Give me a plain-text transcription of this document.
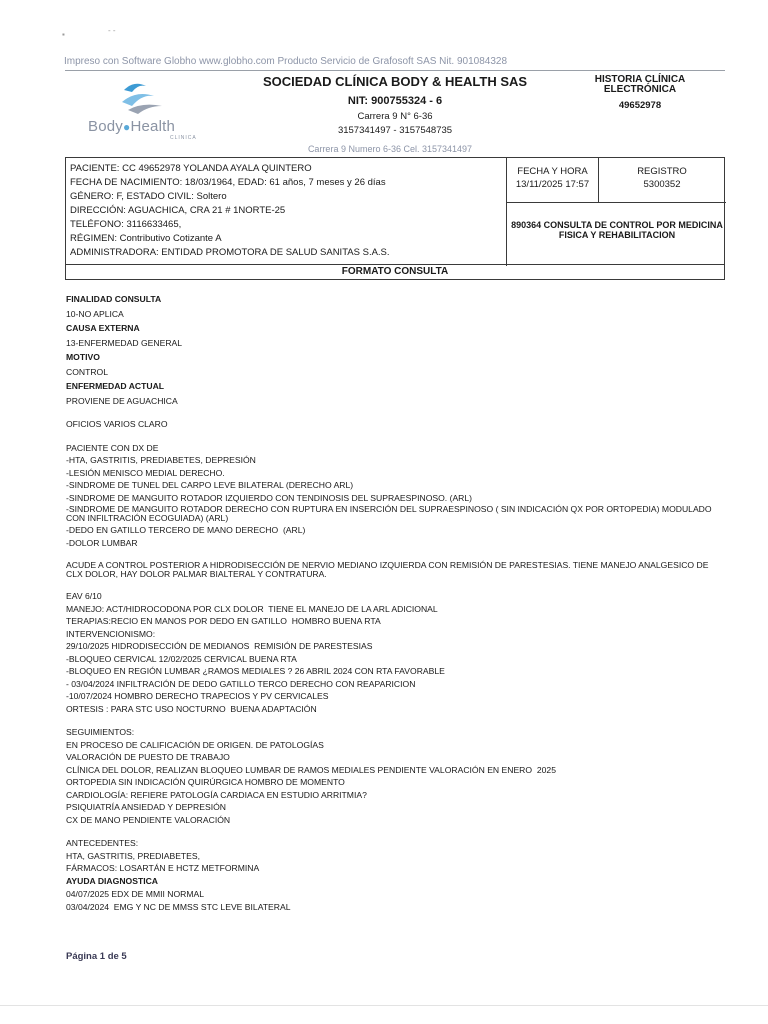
▪	- -
Impreso con Software Globho www.globho.com Producto Servicio de Grafosoft SAS Nit. 901084328
Body●Health
CLINICA
SOCIEDAD CLÍNICA BODY & HEALTH SAS
NIT: 900755324 - 6
Carrera 9 N° 6-36
3157341497 - 3157548735
HISTORIA CLÍNICA ELECTRÓNICA
49652978
Carrera 9 Numero 6-36 Cel. 3157341497
PACIENTE: CC 49652978 YOLANDA AYALA QUINTERO
FECHA DE NACIMIENTO: 18/03/1964, EDAD: 61 años, 7 meses y 26 días
GÉNERO: F, ESTADO CIVIL: Soltero
DIRECCIÓN: AGUACHICA, CRA 21 # 1NORTE-25
TELÉFONO: 3116633465,
RÉGIMEN: Contributivo Cotizante A
ADMINISTRADORA: ENTIDAD PROMOTORA DE SALUD SANITAS S.A.S.
FECHA Y HORA
13/11/2025 17:57
REGISTRO
5300352
890364 CONSULTA DE CONTROL POR MEDICINA FISICA Y REHABILITACION
FORMATO CONSULTA

FINALIDAD CONSULTA

10-NO APLICA

CAUSA EXTERNA

13-ENFERMEDAD GENERAL

MOTIVO

CONTROL

ENFERMEDAD ACTUAL

PROVIENE DE AGUACHICA

OFICIOS VARIOS CLARO

PACIENTE CON DX DE

-HTA, GASTRITIS, PREDIABETES, DEPRESIÓN

-LESIÓN MENISCO MEDIAL DERECHO.

-SINDROME DE TUNEL DEL CARPO LEVE BILATERAL (DERECHO ARL)

-SINDROME DE MANGUITO ROTADOR IZQUIERDO CON TENDINOSIS DEL SUPRAESPINOSO. (ARL)

-SINDROME DE MANGUITO ROTADOR DERECHO CON RUPTURA EN INSERCIÓN DEL SUPRAESPINOSO ( SIN INDICACIÓN QX POR ORTOPEDIA) MODULADO
CON INFILTRACIÓN ECOGUIADA) (ARL)

-DEDO EN GATILLO TERCERO DE MANO DERECHO  (ARL)

-DOLOR LUMBAR

ACUDE A CONTROL POSTERIOR A HIDRODISECCIÓN DE NERVIO MEDIANO IZQUIERDA CON REMISIÓN DE PARESTESIAS. TIENE MANEJO ANALGESICO DE
CLX DOLOR, HAY DOLOR PALMAR BIALTERAL Y CONTRATURA.

EAV 6/10

MANEJO: ACT/HIDROCODONA POR CLX DOLOR  TIENE EL MANEJO DE LA ARL ADICIONAL

TERAPIAS:RECIO EN MANOS POR DEDO EN GATILLO  HOMBRO BUENA RTA

INTERVENCIONISMO:

29/10/2025 HIDRODISECCIÓN DE MEDIANOS  REMISIÓN DE PARESTESIAS

-BLOQUEO CERVICAL 12/02/2025 CERVICAL BUENA RTA

-BLOQUEO EN REGIÓN LUMBAR ¿RAMOS MEDIALES ? 26 ABRIL 2024 CON RTA FAVORABLE

- 03/04/2024 INFILTRACIÓN DE DEDO GATILLO TERCO DERECHO CON REAPARICION

-10/07/2024 HOMBRO DERECHO TRAPECIOS Y PV CERVICALES

ORTESIS : PARA STC USO NOCTURNO  BUENA ADAPTACIÓN

SEGUIMIENTOS:

EN PROCESO DE CALIFICACIÓN DE ORIGEN. DE PATOLOGÍAS

VALORACIÓN DE PUESTO DE TRABAJO

CLÍNICA DEL DOLOR, REALIZAN BLOQUEO LUMBAR DE RAMOS MEDIALES PENDIENTE VALORACIÓN EN ENERO  2025

ORTOPEDIA SIN INDICACIÓN QUIRÚRGICA HOMBRO DE MOMENTO

CARDIOLOGÍA: REFIERE PATOLOGÍA CARDIACA EN ESTUDIO ARRITMIA?

PSIQUIATRÍA ANSIEDAD Y DEPRESIÓN

CX DE MANO PENDIENTE VALORACIÓN

ANTECEDENTES:

HTA, GASTRITIS, PREDIABETES,

FÁRMACOS: LOSARTÁN E HCTZ METFORMINA

AYUDA DIAGNOSTICA

04/07/2025 EDX DE MMII NORMAL

03/04/2024  EMG Y NC DE MMSS STC LEVE BILATERAL

Página 1 de 5
